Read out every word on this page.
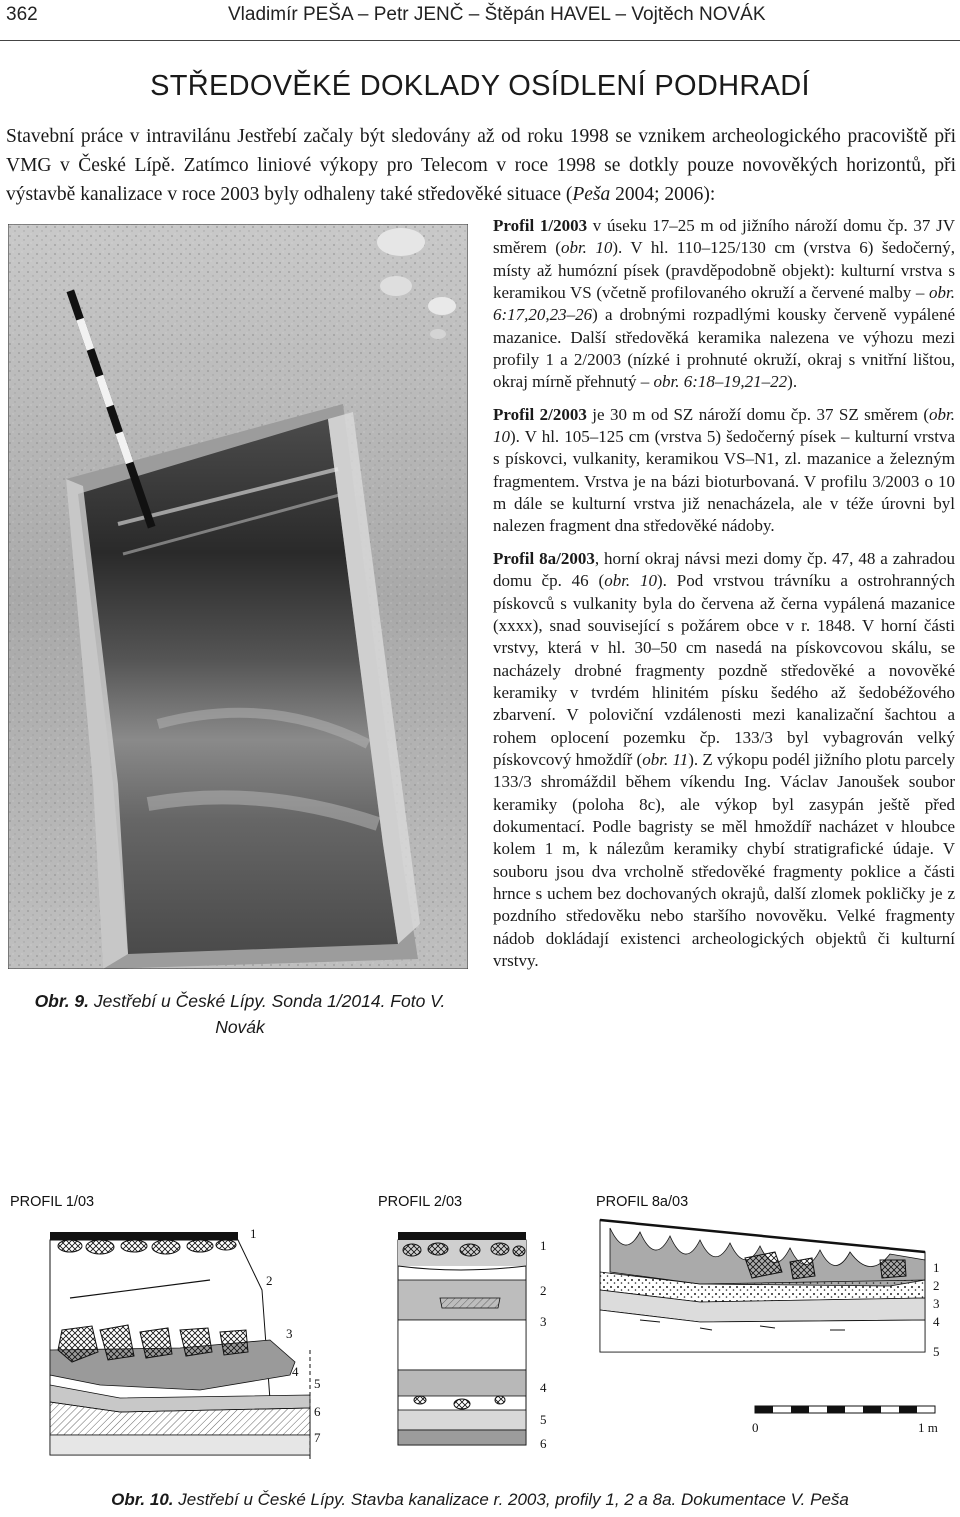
362	Vladimír PEŠA – Petr JENČ – Štěpán HAVEL – Vojtěch NOVÁK
STŘEDOVĚKÉ DOKLADY OSÍDLENÍ PODHRADÍ
Stavební práce v intravilánu Jestřebí začaly být sledovány až od roku 1998 se vznikem archeologického pracoviště při VMG v České Lípě. Zatímco liniové výkopy pro Telecom v roce 1998 se dotkly pouze novověkých horizontů, při výstavbě kanalizace v roce 2003 byly odhaleny také středověké situace (Peša 2004; 2006):
Obr. 9. Jestřebí u České Lípy. Sonda 1/2014. Foto V. Novák

Profil 1/2003 v úseku 17–25 m od jižního nároží domu čp. 37 JV směrem (obr. 10). V hl. 110–125/130 cm (vrstva 6) šedočerný, místy až humózní písek (pravděpodobně objekt): kulturní vrstva s keramikou VS (včetně profilovaného okruží a červené malby – obr. 6:17,20,23–26) a drobnými rozpadlými kousky červeně vypálené mazanice. Další středověká keramika nalezena ve výhozu mezi profily 1 a 2/2003 (nízké i prohnuté okruží, okraj s vnitřní lištou, okraj mírně přehnutý – obr. 6:18–19,21–22).

Profil 2/2003 je 30 m od SZ nároží domu čp. 37 SZ směrem (obr. 10). V hl. 105–125 cm (vrstva 5) šedočerný písek – kulturní vrstva s pískovci, vulkanity, keramikou VS–N1, zl. mazanice a železným fragmentem. Vrstva je na bázi bioturbovaná. V profilu 3/2003 o 10 m dále se kulturní vrstva již nenacházela, ale v téže úrovni byl nalezen fragment dna středověké nádoby.

Profil 8a/2003, horní okraj návsi mezi domy čp. 47, 48 a zahradou domu čp. 46 (obr. 10). Pod vrstvou trávníku a ostrohranných pískovců s vulkanity byla do červena až černa vypálená mazanice (xxxx), snad související s požárem obce v r. 1848. V horní části vrstvy, která v hl. 30–50 cm nasedá na pískovcovou skálu, se nacházely drobné fragmenty pozdně středověké a novověké keramiky v tvrdém hlinitém písku šedého až šedobéžového zbarvení. V poloviční vzdálenosti mezi kanalizační šachtou a rohem oplocení pozemku čp. 133/3 byl vybagrován velký pískovcový hmoždíř (obr. 11). Z výkopu podél jižního plotu parcely 133/3 shromáždil během víkendu Ing. Václav Janoušek soubor keramiky (poloha 8c), ale výkop byl zasypán ještě před dokumentací. Podle bagristy se měl hmoždíř nacházet v hloubce kolem 1 m, k nálezům keramiky chybí stratigrafické údaje. V souboru jsou dva vrcholně středověké fragmenty poklice a části hrnce s uchem bez dochovaných okrajů, další zlomek pokličky je z pozdního středověku nebo staršího novověku. Velké fragmenty nádob dokládají existenci archeologických objektů či kulturní vrstvy.

PROFIL 1/03	PROFIL 2/03	PROFIL 8a/03
1
2
3
4
5
6
7
1
2
3
4
5
6
1
2
3
4
5
0	1 m
Obr. 10. Jestřebí u České Lípy. Stavba kanalizace r. 2003, profily 1, 2 a 8a. Dokumentace V. Peša
